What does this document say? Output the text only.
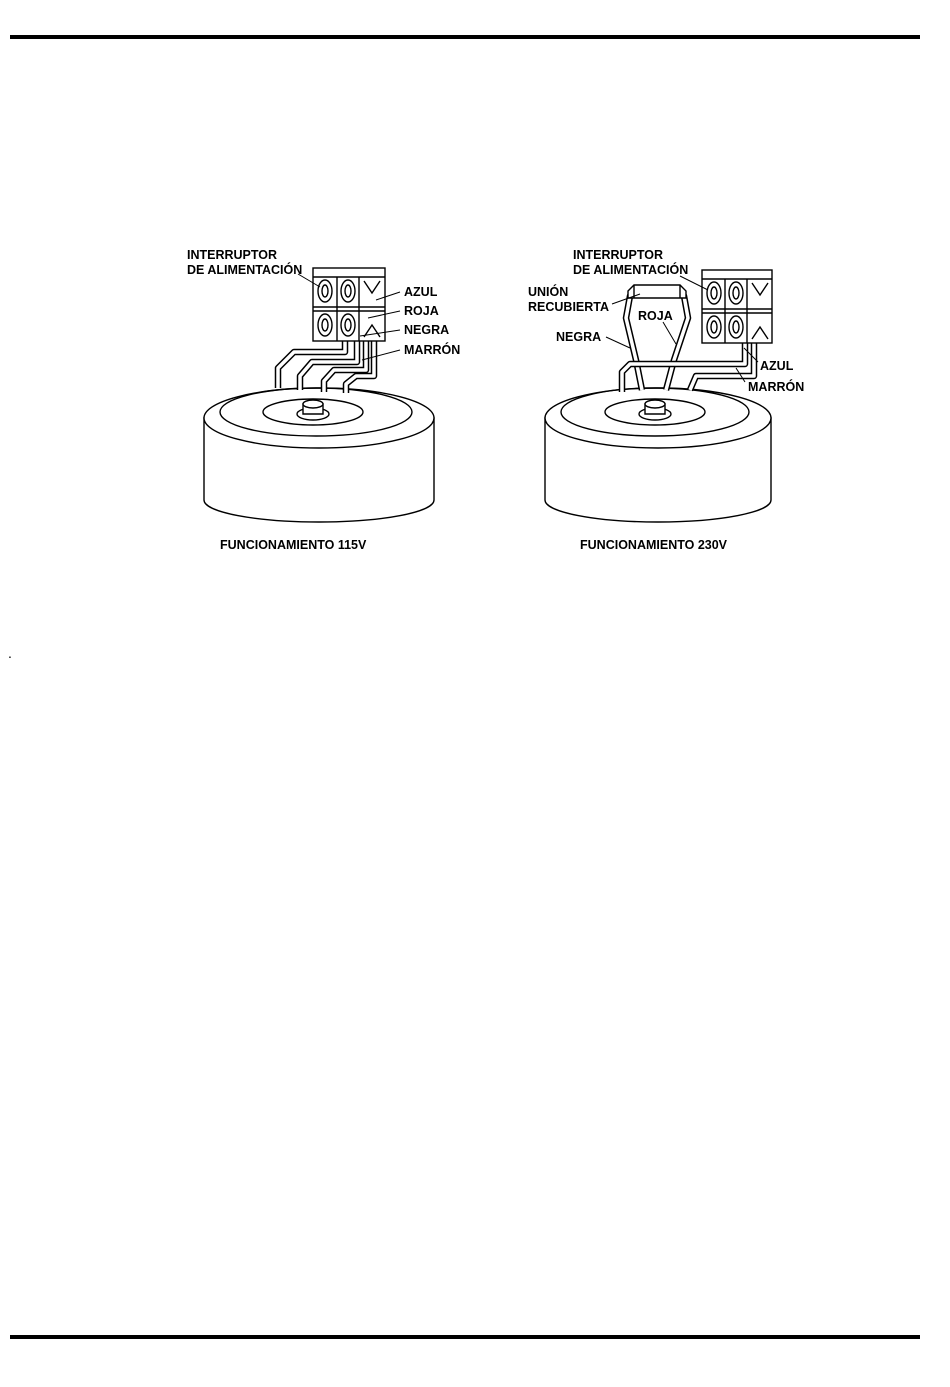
INTERRUPTOR
DE ALIMENTACIÓN
AZUL
ROJA
NEGRA
MARRÓN
FUNCIONAMIENTO 115V
INTERRUPTOR
DE ALIMENTACIÓN
UNIÓN
RECUBIERTA
ROJA
NEGRA
AZUL
MARRÓN
FUNCIONAMIENTO 230V
.
